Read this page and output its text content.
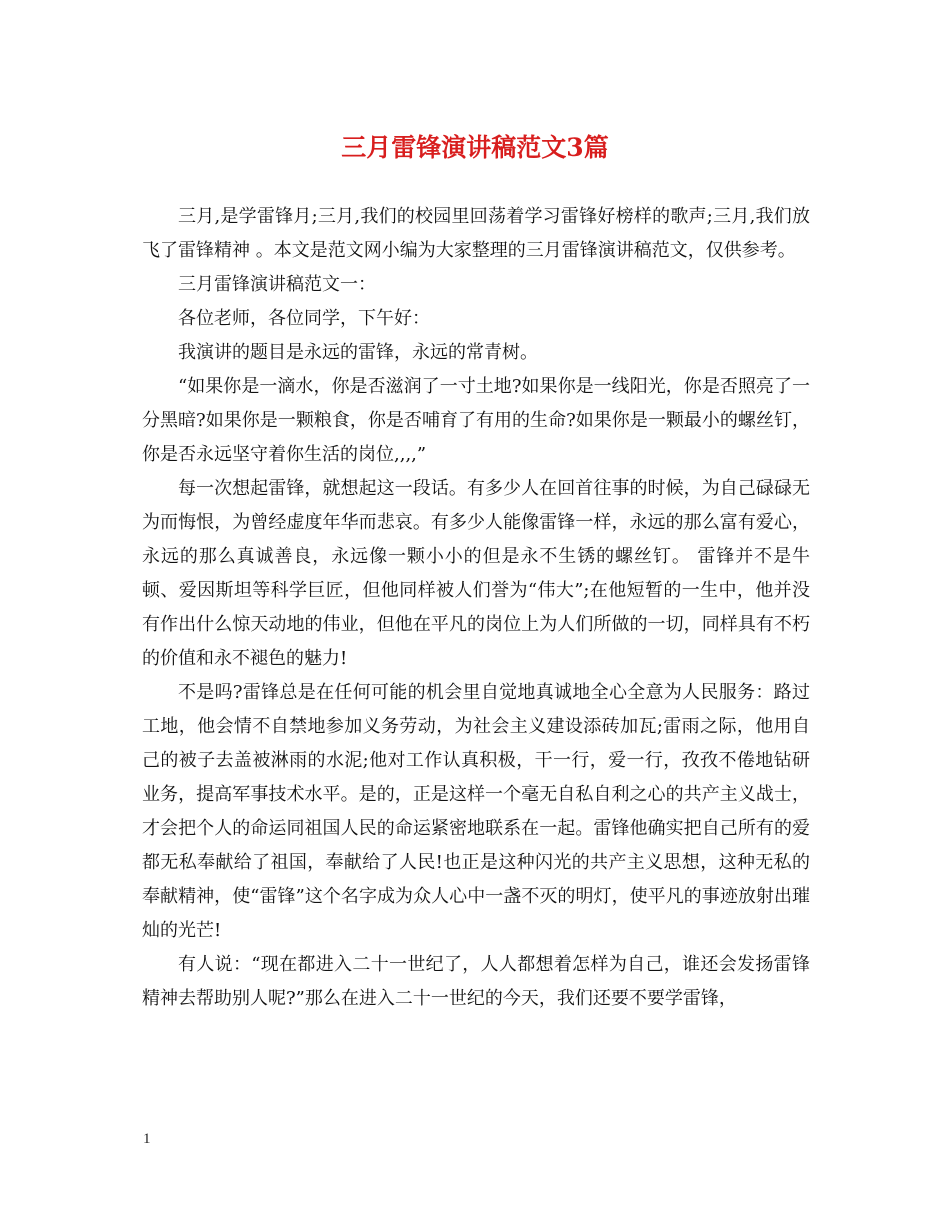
三月雷锋演讲稿范文3篇

三月,是学雷锋月;三月,我们的校园里回荡着学习雷锋好榜样的歌声;三月,我们放飞了雷锋精神 。本文是范文网小编为大家整理的三月雷锋演讲稿范文，仅供参考。

三月雷锋演讲稿范文一：

各位老师，各位同学，下午好：

我演讲的题目是永远的雷锋，永远的常青树。

“如果你是一滴水，你是否滋润了一寸土地?如果你是一线阳光，你是否照亮了一分黑暗?如果你是一颗粮食，你是否哺育了有用的生命?如果你是一颗最小的螺丝钉，你是否永远坚守着你生活的岗位,,,,”

每一次想起雷锋，就想起这一段话。有多少人在回首往事的时候，为自己碌碌无为而悔恨，为曾经虚度年华而悲哀。有多少人能像雷锋一样，永远的那么富有爱心，永远的那么真诚善良，永远像一颗小小的但是永不生锈的螺丝钉。 雷锋并不是牛顿、爱因斯坦等科学巨匠，但他同样被人们誉为“伟大”;在他短暂的一生中，他并没有作出什么惊天动地的伟业，但他在平凡的岗位上为人们所做的一切，同样具有不朽的价值和永不褪色的魅力!

不是吗?雷锋总是在任何可能的机会里自觉地真诚地全心全意为人民服务：路过工地，他会情不自禁地参加义务劳动，为社会主义建设添砖加瓦;雷雨之际，他用自己的被子去盖被淋雨的水泥;他对工作认真积极，干一行，爱一行，孜孜不倦地钻研业务，提高军事技术水平。是的，正是这样一个毫无自私自利之心的共产主义战士，才会把个人的命运同祖国人民的命运紧密地联系在一起。雷锋他确实把自己所有的爱都无私奉献给了祖国，奉献给了人民!也正是这种闪光的共产主义思想，这种无私的奉献精神，使“雷锋”这个名字成为众人心中一盏不灭的明灯，使平凡的事迹放射出璀灿的光芒!

有人说：“现在都进入二十一世纪了，人人都想着怎样为自己，谁还会发扬雷锋精神去帮助别人呢?”那么在进入二十一世纪的今天，我们还要不要学雷锋，

1
